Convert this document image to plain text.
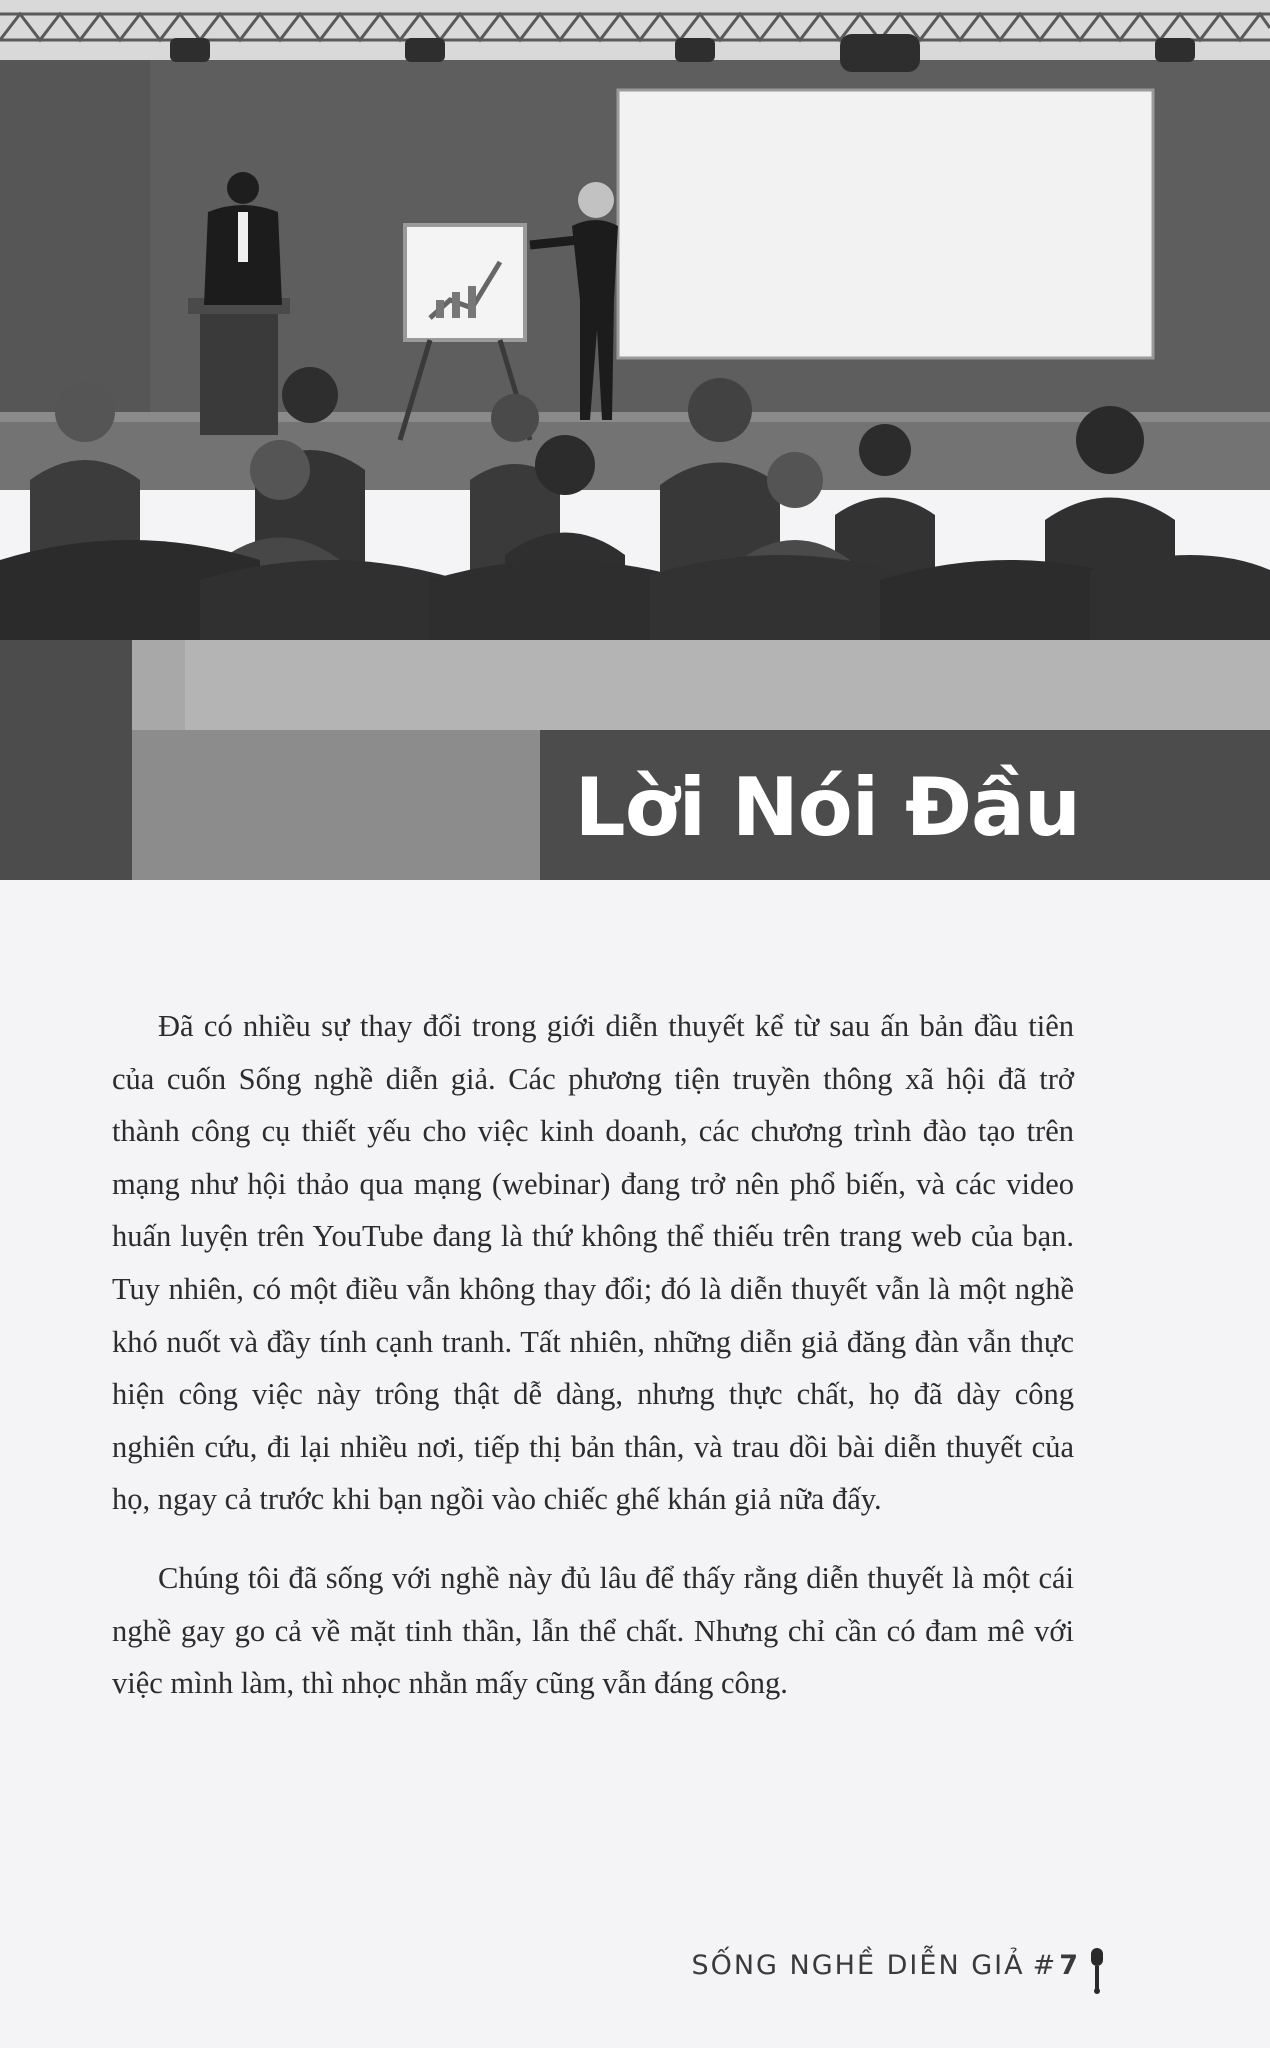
Lời Nói Đầu

Đã có nhiều sự thay đổi trong giới diễn thuyết kể từ sau ấn bản đầu tiên của cuốn Sống nghề diễn giả. Các phương tiện truyền thông xã hội đã trở thành công cụ thiết yếu cho việc kinh doanh, các chương trình đào tạo trên mạng như hội thảo qua mạng (webinar) đang trở nên phổ biến, và các video huấn luyện trên YouTube đang là thứ không thể thiếu trên trang web của bạn. Tuy nhiên, có một điều vẫn không thay đổi; đó là diễn thuyết vẫn là một nghề khó nuốt và đầy tính cạnh tranh. Tất nhiên, những diễn giả đăng đàn vẫn thực hiện công việc này trông thật dễ dàng, nhưng thực chất, họ đã dày công nghiên cứu, đi lại nhiều nơi, tiếp thị bản thân, và trau dồi bài diễn thuyết của họ, ngay cả trước khi bạn ngồi vào chiếc ghế khán giả nữa đấy.

Chúng tôi đã sống với nghề này đủ lâu để thấy rằng diễn thuyết là một cái nghề gay go cả về mặt tinh thần, lẫn thể chất. Nhưng chỉ cần có đam mê với việc mình làm, thì nhọc nhằn mấy cũng vẫn đáng công.

SỐNG NGHỀ DIỄN GIẢ # 7
